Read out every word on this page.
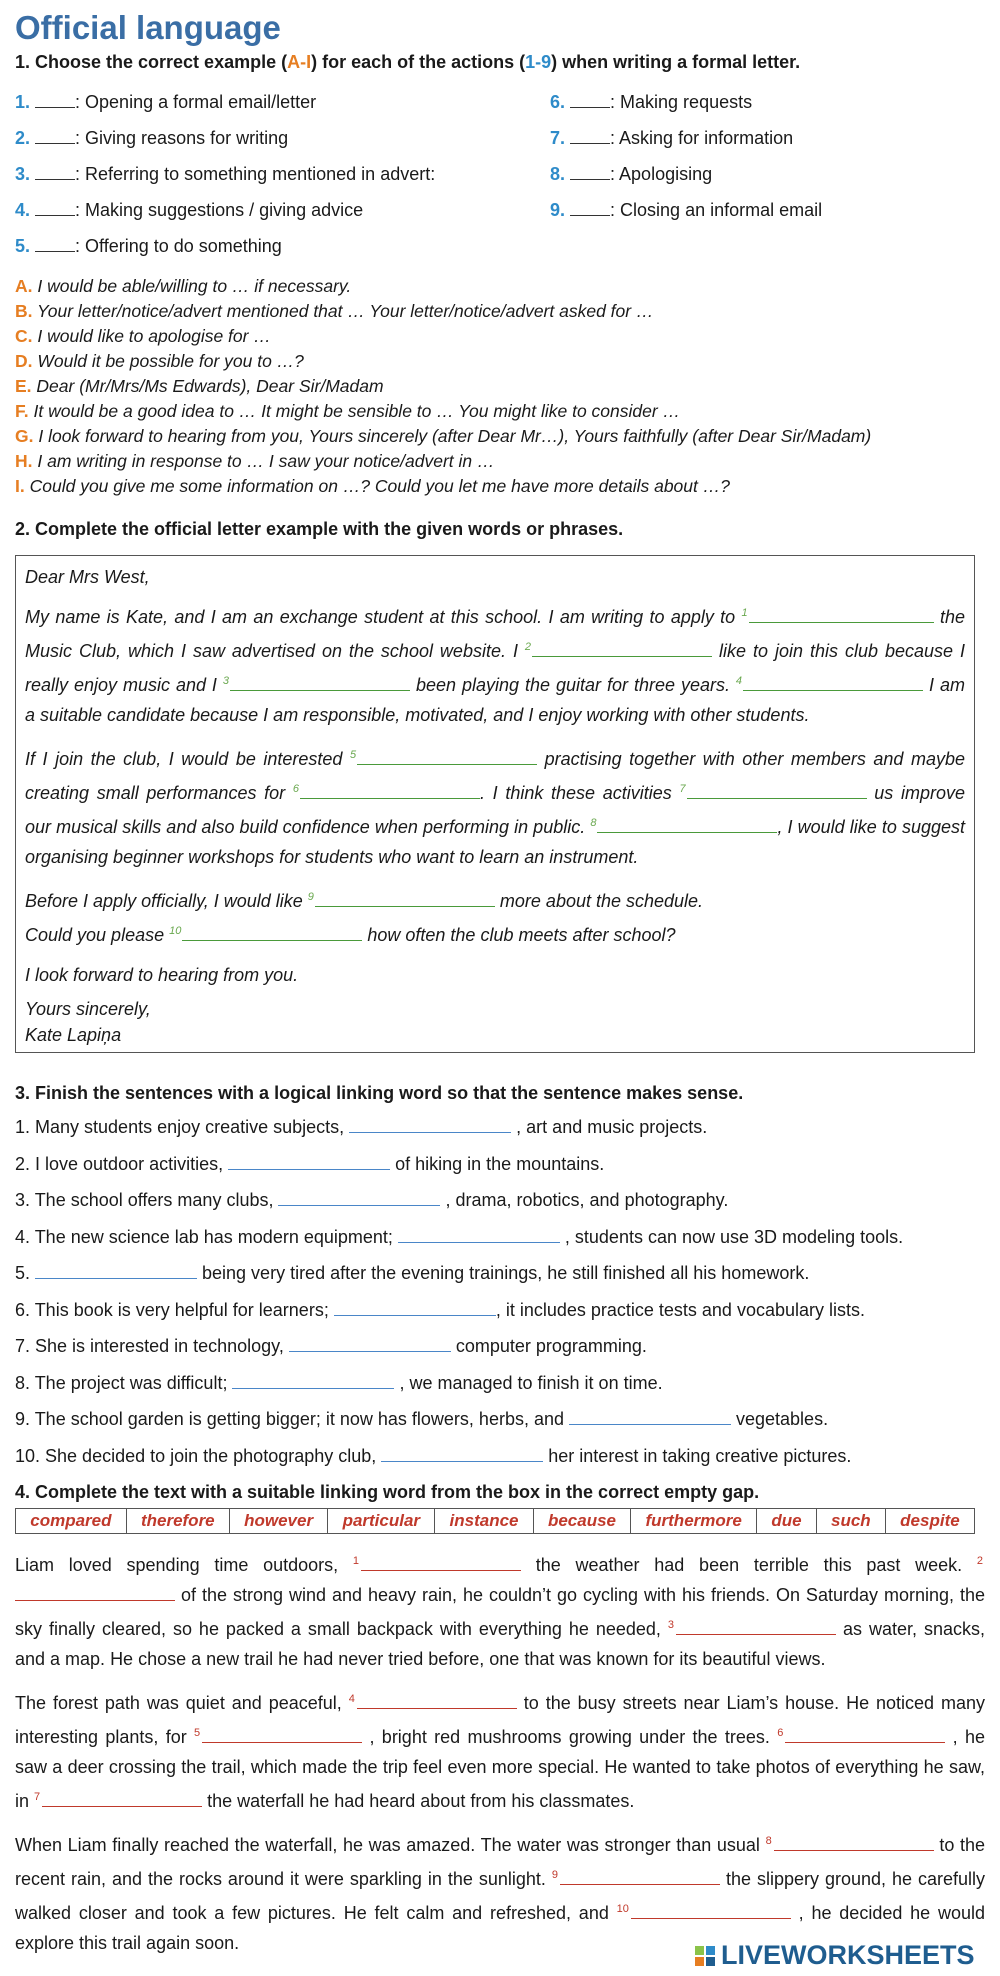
Official language

1. Choose the correct example (A-I) for each of the actions (1-9) when writing a formal letter.

1.	: Opening a formal email/letter	6.	: Making requests
2.	: Giving reasons for writing	7.	: Asking for information
3.	: Referring to something mentioned in advert:	8.	: Apologising
4.	: Making suggestions / giving advice	9.	: Closing an informal email
5.	: Offering to do something
A. I would be able/willing to … if necessary.
B. Your letter/notice/advert mentioned that … Your letter/notice/advert asked for …
C. I would like to apologise for …
D. Would it be possible for you to …?
E. Dear (Mr/Mrs/Ms Edwards), Dear Sir/Madam
F. It would be a good idea to … It might be sensible to … You might like to consider …
G. I look forward to hearing from you, Yours sincerely (after Dear Mr…), Yours faithfully (after Dear Sir/Madam)
H. I am writing in response to … I saw your notice/advert in …
I. Could you give me some information on …? Could you let me have more details about …?

2. Complete the official letter example with the given words or phrases.

Dear Mrs West,

My name is Kate, and I am an exchange student at this school. I am writing to apply to $^1$	the Music Club, which I saw advertised on the school website. I $^2$	like to join this club because I really enjoy music and I $^3$	been playing the guitar for three years. $^4$	I am a suitable candidate because I am responsible, motivated, and I enjoy working with other students.

If I join the club, I would be interested $^5$	practising together with other members and maybe creating small performances for $^6$	. I think these activities $^7$	us improve our musical skills and also build confidence when performing in public. $^8$	, I would like to suggest organising beginner workshops for students who want to learn an instrument.

Before I apply officially, I would like $^9$	more about the schedule.

Could you please $^{10}$	how often the club meets after school?

I look forward to hearing from you.

Yours sincerely,

Kate Lapiņa

3. Finish the sentences with a logical linking word so that the sentence makes sense.

1. Many students enjoy creative subjects,	, art and music projects.
2. I love outdoor activities,	of hiking in the mountains.
3. The school offers many clubs,	, drama, robotics, and photography.
4. The new science lab has modern equipment;	, students can now use 3D modeling tools.
5.	being very tired after the evening trainings, he still finished all his homework.
6. This book is very helpful for learners;	, it includes practice tests and vocabulary lists.
7. She is interested in technology,	computer programming.
8. The project was difficult;	, we managed to finish it on time.
9. The school garden is getting bigger; it now has flowers, herbs, and	vegetables.
10. She decided to join the photography club,	her interest in taking creative pictures.

4. Complete the text with a suitable linking word from the box in the correct empty gap.

compared	therefore	however	particular	instance	because	furthermore	due	such	despite

Liam loved spending time outdoors, $^1$	the weather had been terrible this past week. $^2$ of the strong wind and heavy rain, he couldn’t go cycling with his friends. On Saturday morning, the sky finally cleared, so he packed a small backpack with everything he needed, $^3$	as water, snacks, and a map. He chose a new trail he had never tried before, one that was known for its beautiful views.

The forest path was quiet and peaceful, $^4$	to the busy streets near Liam’s house. He noticed many interesting plants, for $^5$	, bright red mushrooms growing under the trees. $^6$	, he saw a deer crossing the trail, which made the trip feel even more special. He wanted to take photos of everything he saw, in $^7$	the waterfall he had heard about from his classmates.

When Liam finally reached the waterfall, he was amazed. The water was stronger than usual $^8$	to the recent rain, and the rocks around it were sparkling in the sunlight. $^9$	the slippery ground, he carefully walked closer and took a few pictures. He felt calm and refreshed, and $^{10}$	, he decided he would explore this trail again soon.	LIVEWORKSHEETS
